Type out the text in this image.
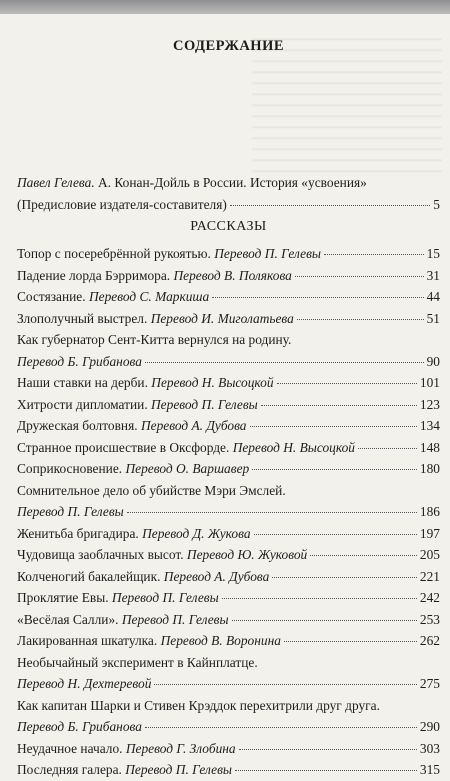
СОДЕРЖАНИЕ
Павел Гелева. А. Конан-Дойль в России. История «усвоения»
(Предисловие издателя-составителя)	5
РАССКАЗЫ
Топор с посеребрённой рукоятью. Перевод П. Гелевы	15
Падение лорда Бэрримора. Перевод В. Полякова	31
Состязание. Перевод С. Маркиша	44
Злополучный выстрел. Перевод И. Миголатьева	51
Как губернатор Сент-Китта вернулся на родину.
Перевод Б. Грибанова	90
Наши ставки на дерби. Перевод Н. Высоцкой	101
Хитрости дипломатии. Перевод П. Гелевы	123
Дружеская болтовня. Перевод А. Дубова	134
Странное происшествие в Оксфорде. Перевод Н. Высоцкой	148
Соприкосновение. Перевод О. Варшавер	180
Сомнительное дело об убийстве Мэри Эмслей.
Перевод П. Гелевы	186
Женитьба бригадира. Перевод Д. Жукова	197
Чудовища заоблачных высот. Перевод Ю. Жуковой	205
Колченогий бакалейщик. Перевод А. Дубова	221
Проклятие Евы. Перевод П. Гелевы	242
«Весёлая Салли». Перевод П. Гелевы	253
Лакированная шкатулка. Перевод В. Воронина	262
Необычайный эксперимент в Кайнплатце.
Перевод Н. Дехтеревой	275
Как капитан Шарки и Стивен Крэддок перехитрили друг друга.
Перевод Б. Грибанова	290
Неудачное начало. Перевод Г. Злобина	303
Последняя галера. Перевод П. Гелевы	315
